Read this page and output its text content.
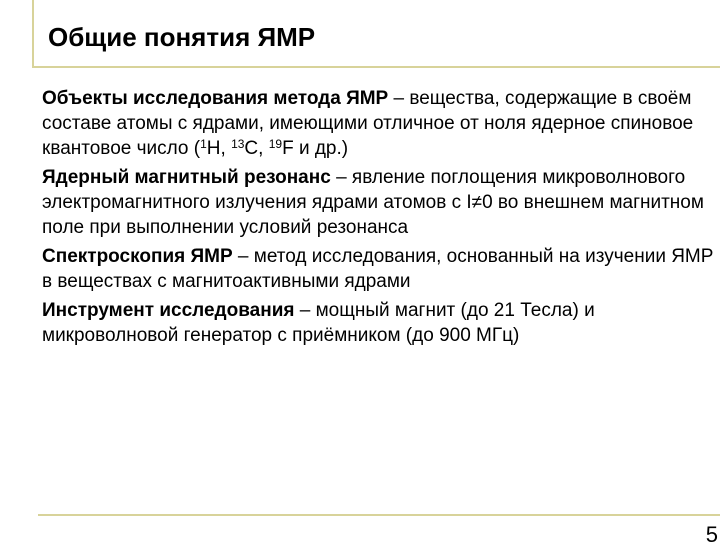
Общие понятия ЯМР
Объекты исследования метода ЯМР – вещества, содержащие в своём составе атомы с ядрами, имеющими отличное от ноля ядерное спиновое квантовое число ($^1$H, $^{13}$C, $^{19}$F и др.)
Ядерный магнитный резонанс – явление поглощения микроволнового электромагнитного излучения ядрами атомов с I≠0 во внешнем магнитном поле при выполнении условий резонанса
Спектроскопия ЯМР – метод исследования, основанный на изучении ЯМР в веществах с магнитоактивными ядрами
Инструмент исследования – мощный магнит (до 21 Тесла) и микроволновой генератор с приёмником (до 900 МГц)
5
